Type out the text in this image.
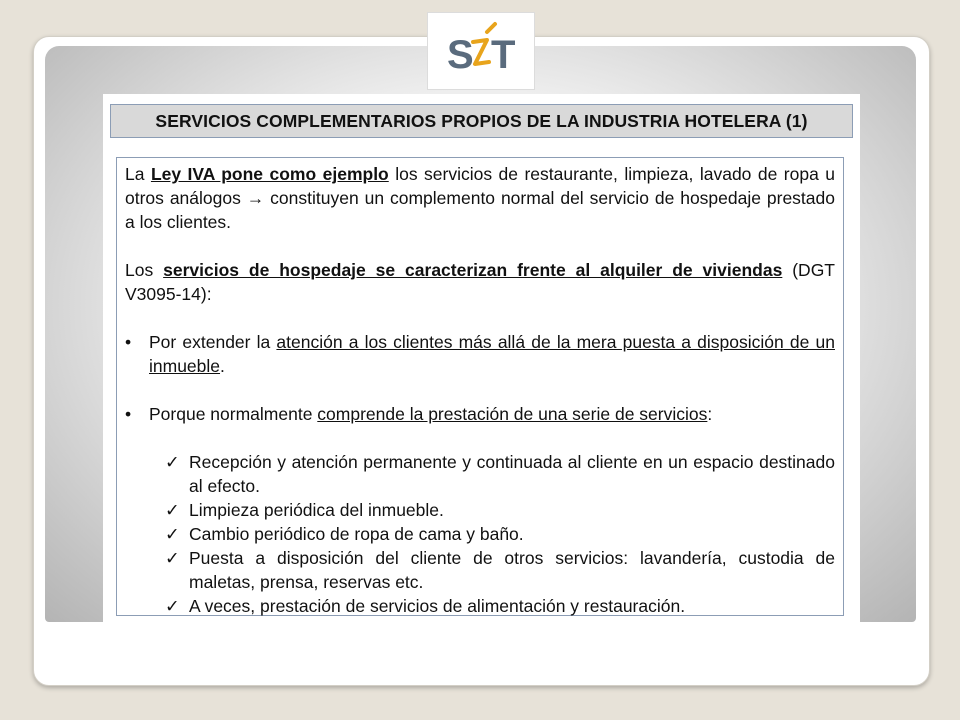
S T
SERVICIOS COMPLEMENTARIOS PROPIOS DE LA INDUSTRIA HOTELERA (1)

La Ley IVA pone como ejemplo los servicios de restaurante, limpieza, lavado de ropa u otros análogos → constituyen un complemento normal del servicio de hospedaje prestado a los clientes.

Los servicios de hospedaje se caracterizan frente al alquiler de viviendas (DGT V3095-14):

• Por extender la atención a los clientes más allá de la mera puesta a disposición de un inmueble.
• Porque normalmente comprende la prestación de una serie de servicios:
✓ Recepción y atención permanente y continuada al cliente en un espacio destinado al efecto.
✓ Limpieza periódica del inmueble.
✓ Cambio periódico de ropa de cama y baño.
✓ Puesta a disposición del cliente de otros servicios: lavandería, custodia de maletas, prensa, reservas etc.
✓ A veces, prestación de servicios de alimentación y restauración.
